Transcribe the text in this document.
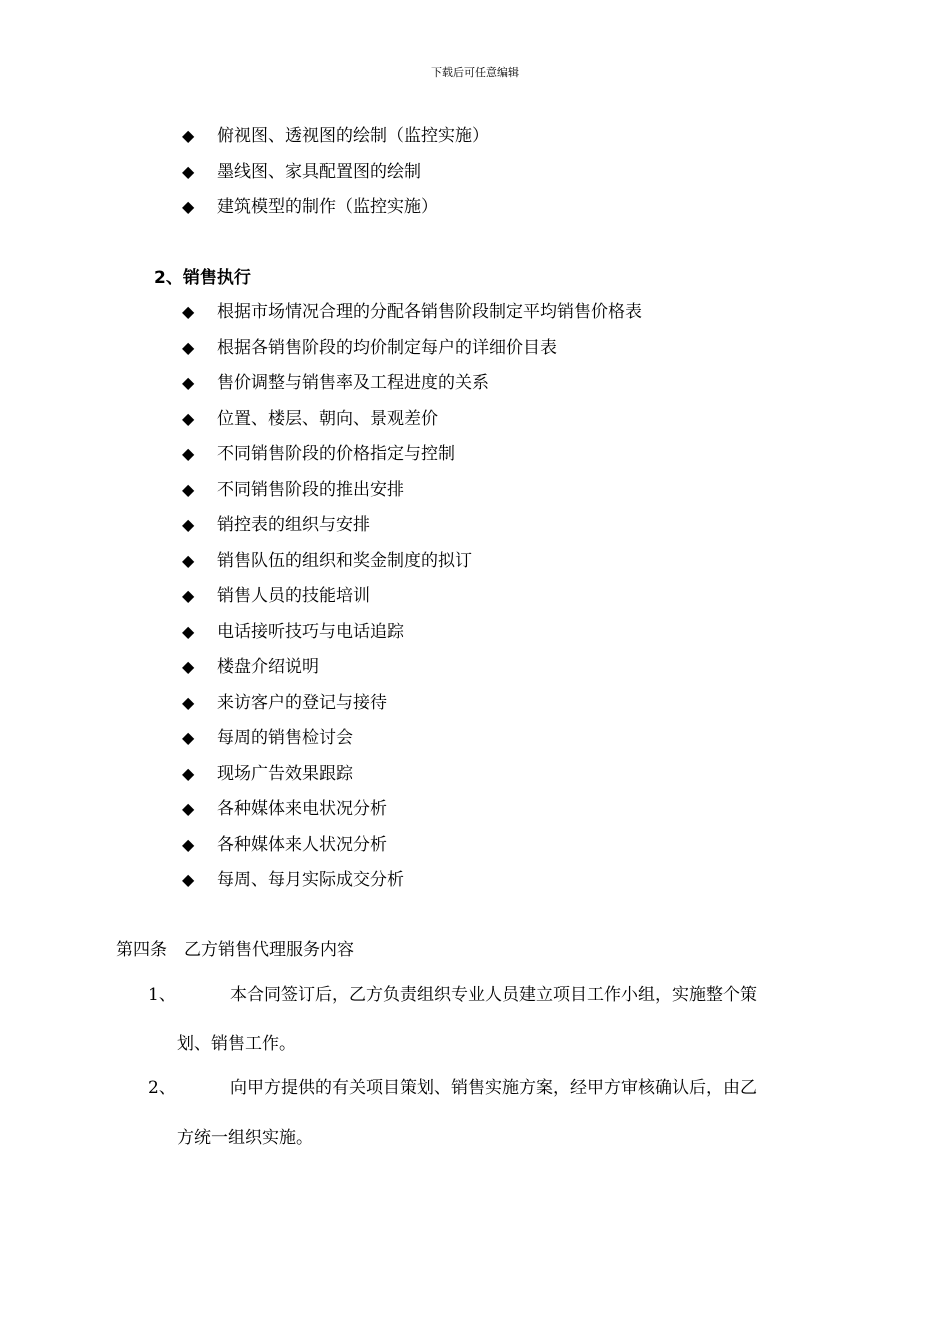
下载后可任意编辑
◆ 俯视图、透视图的绘制（监控实施）
◆ 墨线图、家具配置图的绘制
◆ 建筑模型的制作（监控实施）
2、销售执行
◆ 根据市场情况合理的分配各销售阶段制定平均销售价格表
◆ 根据各销售阶段的均价制定每户的详细价目表
◆ 售价调整与销售率及工程进度的关系
◆ 位置、楼层、朝向、景观差价
◆ 不同销售阶段的价格指定与控制
◆ 不同销售阶段的推出安排
◆ 销控表的组织与安排
◆ 销售队伍的组织和奖金制度的拟订
◆ 销售人员的技能培训
◆ 电话接听技巧与电话追踪
◆ 楼盘介绍说明
◆ 来访客户的登记与接待
◆ 每周的销售检讨会
◆ 现场广告效果跟踪
◆ 各种媒体来电状况分析
◆ 各种媒体来人状况分析
◆ 每周、每月实际成交分析
第四条　乙方销售代理服务内容
1、	本合同签订后，乙方负责组织专业人员建立项目工作小组，实施整个策
划、销售工作。
2、	向甲方提供的有关项目策划、销售实施方案，经甲方审核确认后，由乙
方统一组织实施。
